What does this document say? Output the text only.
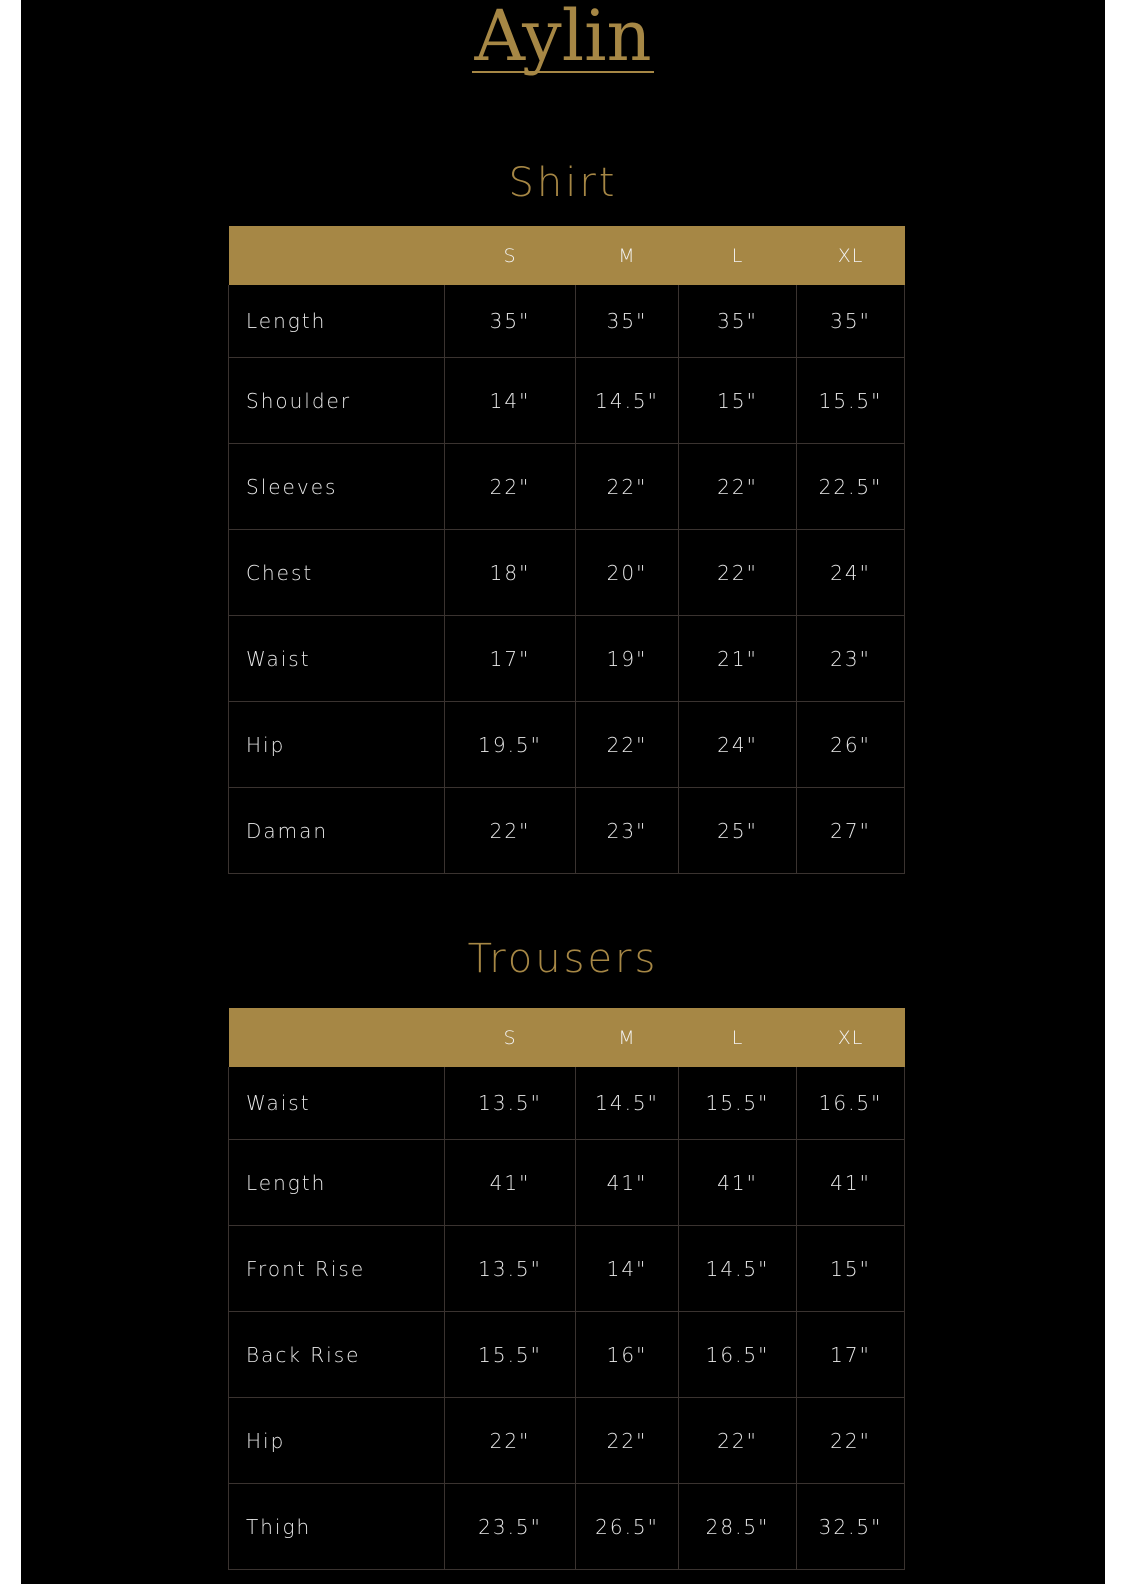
Aylin
Shirt
	S	M	L	XL
Length	35"	35"	35"	35"
Shoulder	14"	14.5"	15"	15.5"
Sleeves	22"	22"	22"	22.5"
Chest	18"	20"	22"	24"
Waist	17"	19"	21"	23"
Hip	19.5"	22"	24"	26"
Daman	22"	23"	25"	27"
Trousers
	S	M	L	XL
Waist	13.5"	14.5"	15.5"	16.5"
Length	41"	41"	41"	41"
Front Rise	13.5"	14"	14.5"	15"
Back Rise	15.5"	16"	16.5"	17"
Hip	22"	22"	22"	22"
Thigh	23.5"	26.5"	28.5"	32.5"
